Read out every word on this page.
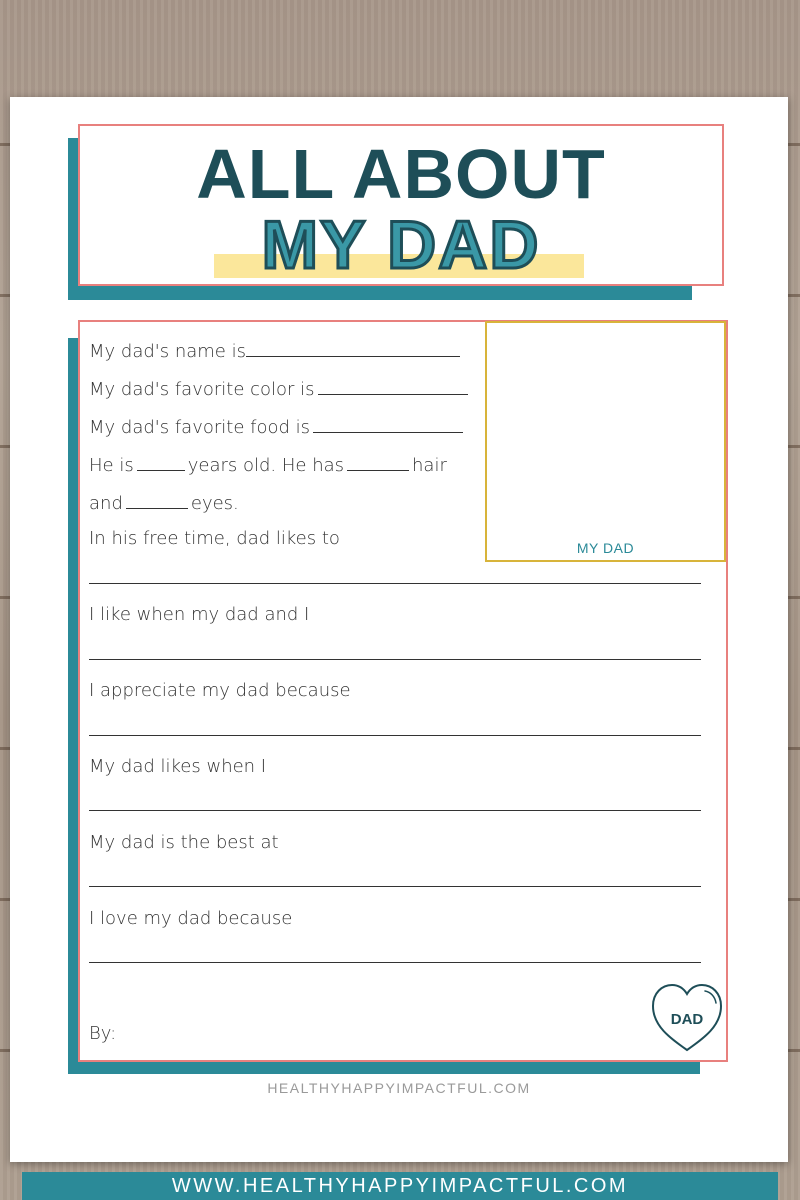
ALL ABOUT
MY DAD
MY DAD
My dad's name is
My dad's favorite color is
My dad's favorite food is
He is	years old. He has	hair
and	eyes.
In his free time, dad likes to
I like when my dad and I
I appreciate my dad because
My dad likes when I
My dad is the best at
I love my dad because
By:
DAD
HEALTHYHAPPYIMPACTFUL.COM
WWW.HEALTHYHAPPYIMPACTFUL.COM
